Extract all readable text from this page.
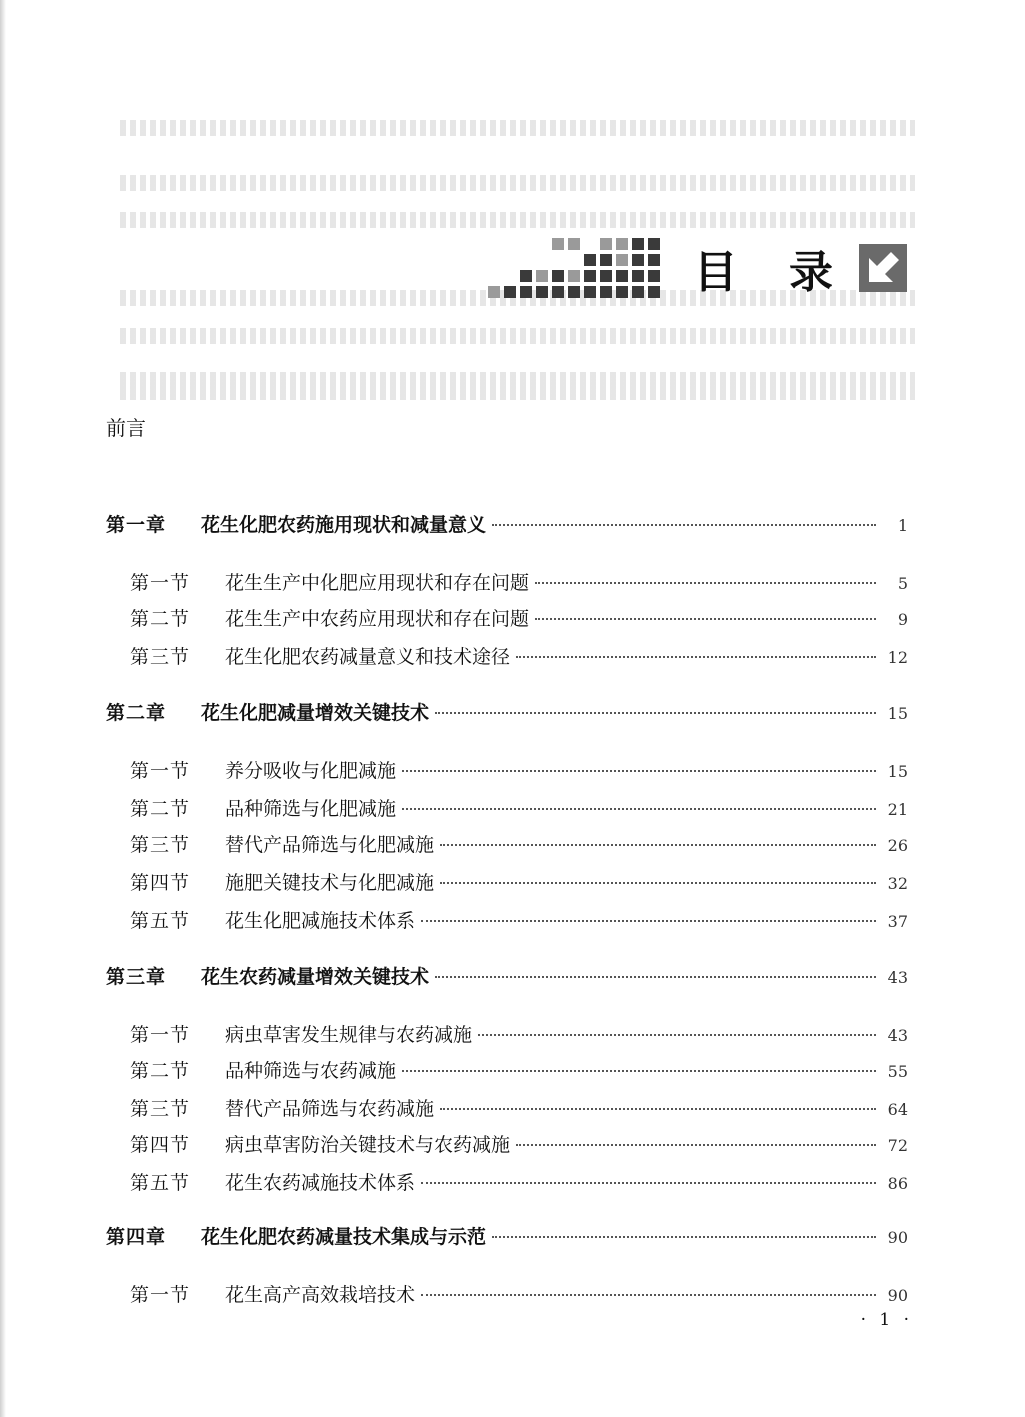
目 录
前言
第一章	花生化肥农药施用现状和减量意义	1
第一节	花生生产中化肥应用现状和存在问题	5
第二节	花生生产中农药应用现状和存在问题	9
第三节	花生化肥农药减量意义和技术途径	12
第二章	花生化肥减量增效关键技术	15
第一节	养分吸收与化肥减施	15
第二节	品种筛选与化肥减施	21
第三节	替代产品筛选与化肥减施	26
第四节	施肥关键技术与化肥减施	32
第五节	花生化肥减施技术体系	37
第三章	花生农药减量增效关键技术	43
第一节	病虫草害发生规律与农药减施	43
第二节	品种筛选与农药减施	55
第三节	替代产品筛选与农药减施	64
第四节	病虫草害防治关键技术与农药减施	72
第五节	花生农药减施技术体系	86
第四章	花生化肥农药减量技术集成与示范	90
第一节	花生高产高效栽培技术	90
· 1 ·
